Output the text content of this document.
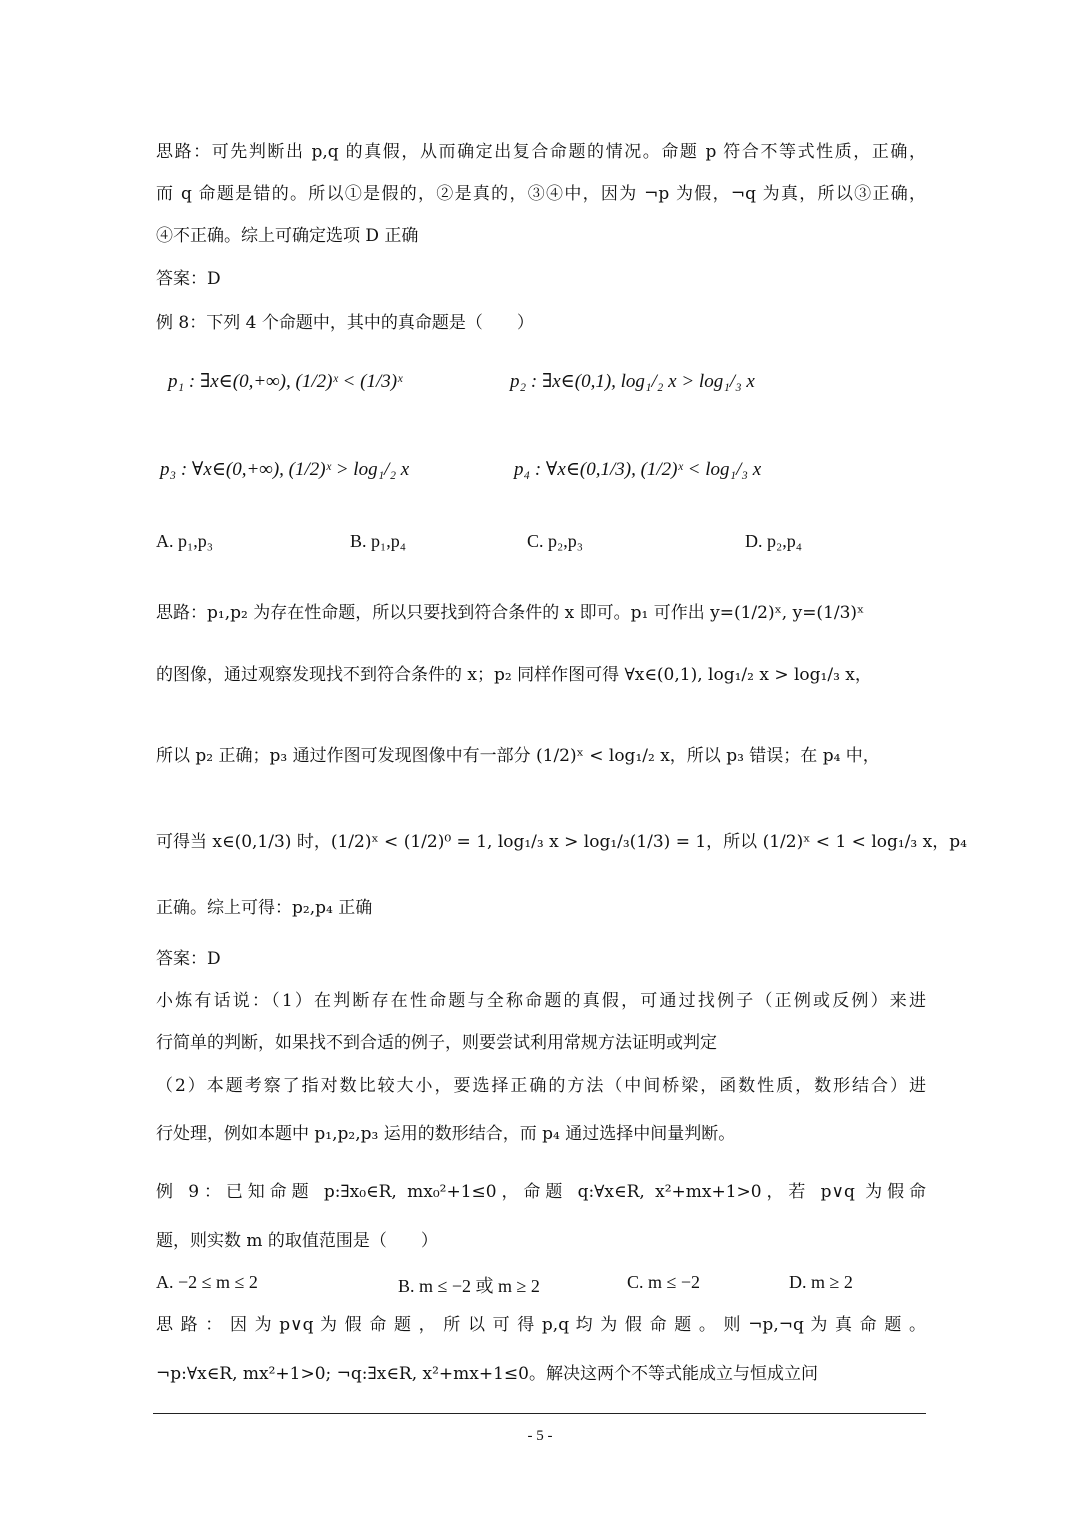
思路：可先判断出 p,q 的真假，从而确定出复合命题的情况。命题 p 符合不等式性质，正确，
而 q 命题是错的。所以①是假的，②是真的，③④中，因为 ¬p 为假，¬q 为真，所以③正确，
④不正确。综上可确定选项 D 正确
答案：D
例 8：下列 4 个命题中，其中的真命题是（　　）
p₁ : ∃x∈(0,+∞), (1/2)ˣ < (1/3)ˣ	p₂ : ∃x∈(0,1), log₁/₂ x > log₁/₃ x
p₃ : ∀x∈(0,+∞), (1/2)ˣ > log₁/₂ x	p₄ : ∀x∈(0,1/3), (1/2)ˣ < log₁/₃ x
A. p₁,p₃	B. p₁,p₄	C. p₂,p₃	D. p₂,p₄
思路：p₁,p₂ 为存在性命题，所以只要找到符合条件的 x 即可。p₁ 可作出 y=(1/2)ˣ, y=(1/3)ˣ
的图像，通过观察发现找不到符合条件的 x；p₂ 同样作图可得 ∀x∈(0,1), log₁/₂ x > log₁/₃ x，
所以 p₂ 正确；p₃ 通过作图可发现图像中有一部分 (1/2)ˣ < log₁/₂ x，所以 p₃ 错误；在 p₄ 中，
可得当 x∈(0,1/3) 时，(1/2)ˣ < (1/2)⁰ = 1, log₁/₃ x > log₁/₃(1/3) = 1，所以 (1/2)ˣ < 1 < log₁/₃ x，p₄
正确。综上可得：p₂,p₄ 正确
答案：D
小炼有话说：（1）在判断存在性命题与全称命题的真假，可通过找例子（正例或反例）来进
行简单的判断，如果找不到合适的例子，则要尝试利用常规方法证明或判定
（2）本题考察了指对数比较大小，要选择正确的方法（中间桥梁，函数性质，数形结合）进
行处理，例如本题中 p₁,p₂,p₃ 运用的数形结合，而 p₄ 通过选择中间量判断。
例 9：已知命题 p:∃x₀∈R, mx₀²+1≤0，命题 q:∀x∈R, x²+mx+1>0，若 p∨q 为假命
题，则实数 m 的取值范围是（　　）
A. −2 ≤ m ≤ 2	B. m ≤ −2 或 m ≥ 2	C. m ≤ −2	D. m ≥ 2
思 路 ： 因 为 p∨q 为 假 命 题 ， 所 以 可 得 p,q 均 为 假 命 题 。 则 ¬p,¬q 为 真 命 题 。
¬p:∀x∈R, mx²+1>0; ¬q:∃x∈R, x²+mx+1≤0。解决这两个不等式能成立与恒成立问
- 5 -
